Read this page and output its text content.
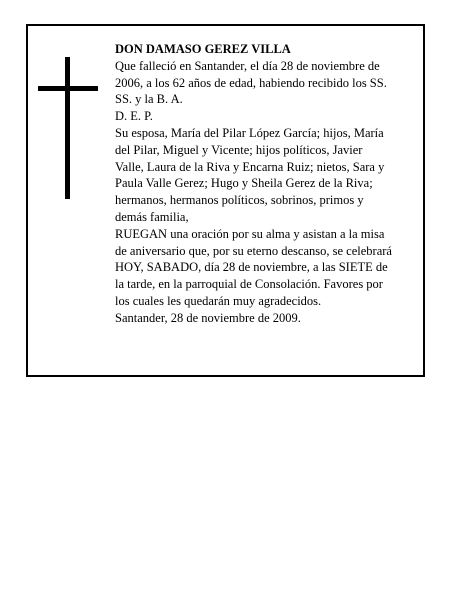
DON DAMASO GEREZ VILLA
Que falleció en Santander, el día 28 de noviembre de
2006, a los 62 años de edad, habiendo recibido los SS.
SS. y la B. A.
D. E. P.
Su esposa, María del Pilar López García; hijos, María
del Pilar, Miguel y Vicente; hijos políticos, Javier
Valle, Laura de la Riva y Encarna Ruiz; nietos, Sara y
Paula Valle Gerez; Hugo y Sheila Gerez de la Riva;
hermanos, hermanos políticos, sobrinos, primos y
demás familia,
RUEGAN una oración por su alma y asistan a la misa
de aniversario que, por su eterno descanso, se celebrará
HOY, SABADO, día 28 de noviembre, a las SIETE de
la tarde, en la parroquial de Consolación. Favores por
los cuales les quedarán muy agradecidos.
Santander, 28 de noviembre de 2009.
